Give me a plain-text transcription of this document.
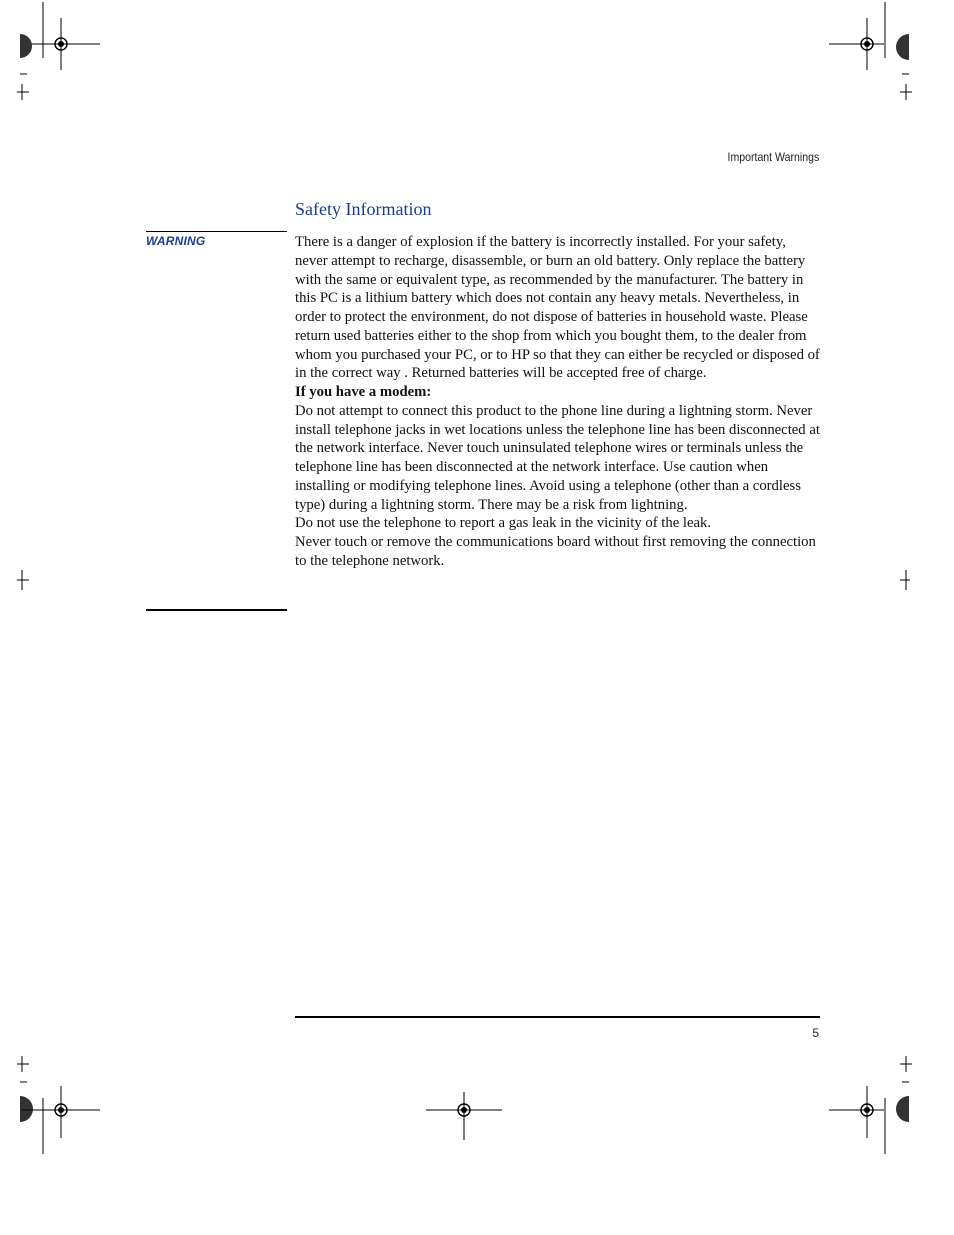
Important Warnings
Safety Information
WARNING	There is a danger of explosion if the battery is incorrectly installed. For your safety, never attempt to recharge, disassemble, or burn an old battery. Only replace the battery with the same or equivalent type, as recommended by the manufacturer. The battery in this PC is a lithium battery which does not contain any heavy metals. Nevertheless, in order to protect the environment, do not dispose of batteries in household waste. Please return used batteries either to the shop from which you bought them, to the dealer from whom you purchased your PC, or to HP so that they can either be recycled or disposed of in the correct way . Returned batteries will be accepted free of charge.

If you have a modem:

Do not attempt to connect this product to the phone line during a lightning storm. Never install telephone jacks in wet locations unless the telephone line has been disconnected at the network interface. Never touch uninsulated telephone wires or terminals unless the telephone line has been disconnected at the network interface. Use caution when installing or modifying telephone lines. Avoid using a telephone (other than a cordless type) during a lightning storm. There may be a risk from lightning.

Do not use the telephone to report a gas leak in the vicinity of the leak.

Never touch or remove the communications board without first removing the connection to the telephone network.

5
